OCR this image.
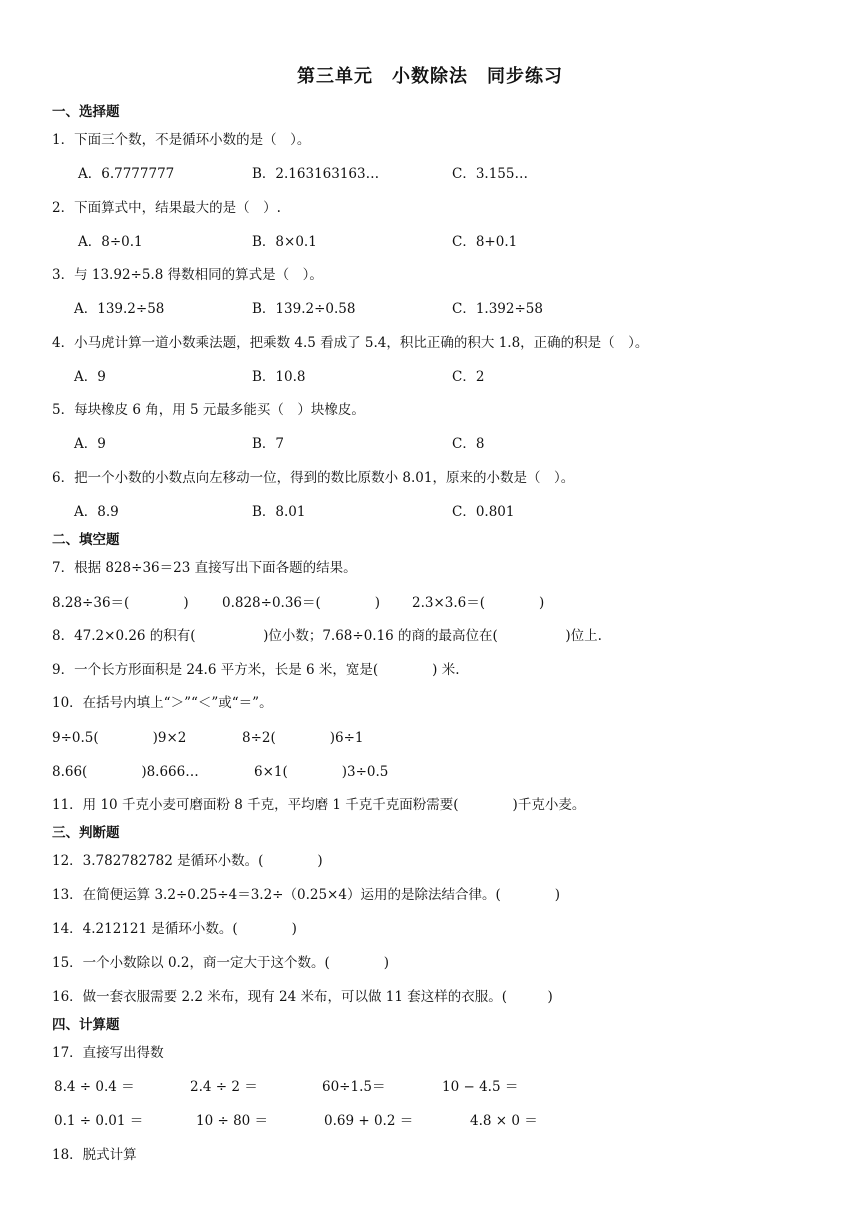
第三单元　小数除法　同步练习
一、选择题
1．下面三个数，不是循环小数的是（　）。
A．6.7777777	B．2.163163163…	C．3.155…
2．下面算式中，结果最大的是（　）.
A．8÷0.1	B．8×0.1	C．8+0.1
3．与 13.92÷5.8 得数相同的算式是（　）。
A．139.2÷58	B．139.2÷0.58	C．1.392÷58
4．小马虎计算一道小数乘法题，把乘数 4.5 看成了 5.4，积比正确的积大 1.8，正确的积是（　）。
A．9	B．10.8	C．2
5．每块橡皮 6 角，用 5 元最多能买（　）块橡皮。
A．9	B．7	C．8
6．把一个小数的小数点向左移动一位，得到的数比原数小 8.01，原来的小数是（　）。
A．8.9	B．8.01	C．0.801
二、填空题
7．根据 828÷36＝23 直接写出下面各题的结果。
8.28÷36＝(　　　　) 0.828÷0.36＝(　　　　) 2.3×3.6＝(　　　　)
8．47.2×0.26 的积有(　　　　　)位小数；7.68÷0.16 的商的最高位在(　　　　　)位上.
9．一个长方形面积是 24.6 平方米，长是 6 米，宽是(　　　　) 米.
10．在括号内填上“＞”“＜”或“＝”。
9÷0.5(　　　　)9×2	8÷2(　　　　)6÷1
8.66(　　　　)8.666…	6×1(　　　　)3÷0.5
11．用 10 千克小麦可磨面粉 8 千克，平均磨 1 千克千克面粉需要(　　　　)千克小麦。
三、判断题
12．3.782782782 是循环小数。(　　　　)
13．在简便运算 3.2÷0.25÷4＝3.2÷（0.25×4）运用的是除法结合律。(　　　　)
14．4.212121 是循环小数。(　　　　)
15．一个小数除以 0.2，商一定大于这个数。(　　　　)
16．做一套衣服需要 2.2 米布，现有 24 米布，可以做 11 套这样的衣服。(　　　)
四、计算题
17．直接写出得数
8.4 ÷ 0.4 ＝	2.4 ÷ 2 ＝	60÷1.5＝	10 − 4.5 ＝
0.1 ÷ 0.01 ＝	10 ÷ 80 ＝	0.69 + 0.2 ＝	4.8 × 0 ＝
18．脱式计算
